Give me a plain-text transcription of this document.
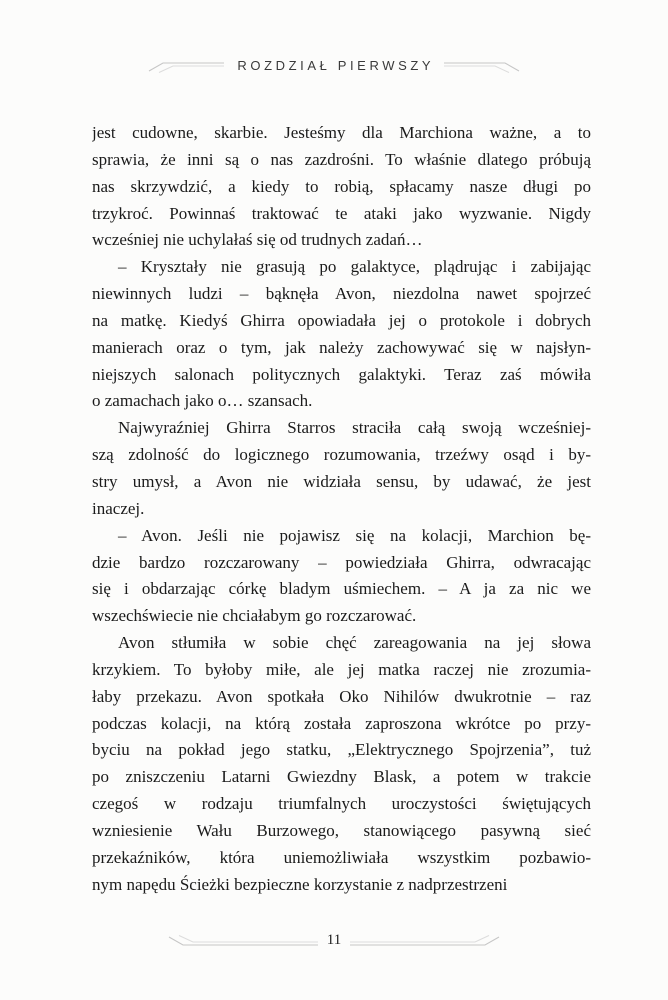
ROZDZIAŁ PIERWSZY
jest cudowne, skarbie. Jesteśmy dla Marchiona ważne, a to
sprawia, że inni są o nas zazdrośni. To właśnie dlatego próbują
nas skrzywdzić, a kiedy to robią, spłacamy nasze długi po
trzykroć. Powinnaś traktować te ataki jako wyzwanie. Nigdy
wcześniej nie uchylałaś się od trudnych zadań…
– Kryształy nie grasują po galaktyce, plądrując i zabijając
niewinnych ludzi – bąknęła Avon, niezdolna nawet spojrzeć
na matkę. Kiedyś Ghirra opowiadała jej o protokole i dobrych
manierach oraz o tym, jak należy zachowywać się w najsłyn-
niejszych salonach politycznych galaktyki. Teraz zaś mówiła
o zamachach jako o… szansach.
Najwyraźniej Ghirra Starros straciła całą swoją wcześniej-
szą zdolność do logicznego rozumowania, trzeźwy osąd i by-
stry umysł, a Avon nie widziała sensu, by udawać, że jest
inaczej.
– Avon. Jeśli nie pojawisz się na kolacji, Marchion bę-
dzie bardzo rozczarowany – powiedziała Ghirra, odwracając
się i obdarzając córkę bladym uśmiechem. – A ja za nic we
wszechświecie nie chciałabym go rozczarować.
Avon stłumiła w sobie chęć zareagowania na jej słowa
krzykiem. To byłoby miłe, ale jej matka raczej nie zrozumia-
łaby przekazu. Avon spotkała Oko Nihilów dwukrotnie – raz
podczas kolacji, na którą została zaproszona wkrótce po przy-
byciu na pokład jego statku, „Elektrycznego Spojrzenia”, tuż
po zniszczeniu Latarni Gwiezdny Blask, a potem w trakcie
czegoś w rodzaju triumfalnych uroczystości świętujących
wzniesienie Wału Burzowego, stanowiącego pasywną sieć
przekaźników, która uniemożliwiała wszystkim pozbawio-
nym napędu Ścieżki bezpieczne korzystanie z nadprzestrzeni
11
